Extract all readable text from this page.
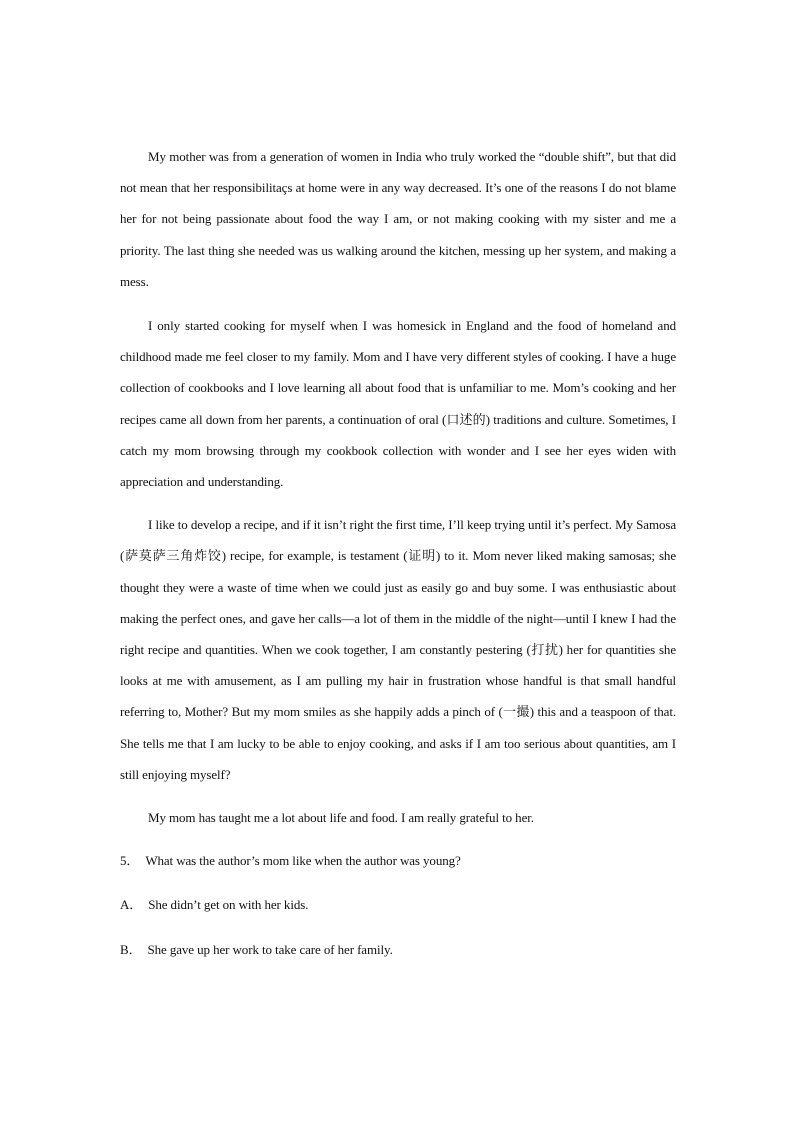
My mother was from a generation of women in India who truly worked the “double shift”, but that did not mean that her responsibilitaçs at home were in any way decreased. It’s one of the reasons I do not blame her for not being passionate about food the way I am, or not making cooking with my sister and me a priority. The last thing she needed was us walking around the kitchen, messing up her system, and making a mess.

I only started cooking for myself when I was homesick in England and the food of homeland and childhood made me feel closer to my family. Mom and I have very different styles of cooking. I have a huge collection of cookbooks and I love learning all about food that is unfamiliar to me. Mom’s cooking and her recipes came all down from her parents, a continuation of oral (口述的) traditions and culture. Sometimes, I catch my mom browsing through my cookbook collection with wonder and I see her eyes widen with appreciation and understanding.

I like to develop a recipe, and if it isn’t right the first time, I’ll keep trying until it’s perfect. My Samosa (萨莫萨三角炸饺) recipe, for example, is testament (证明) to it. Mom never liked making samosas; she thought they were a waste of time when we could just as easily go and buy some. I was enthusiastic about making the perfect ones, and gave her calls—a lot of them in the middle of the night—until I knew I had the right recipe and quantities. When we cook together, I am constantly pestering (打扰) her for quantities she looks at me with amusement, as I am pulling my hair in frustration whose handful is that small handful referring to, Mother? But my mom smiles as she happily adds a pinch of (一撮) this and a teaspoon of that. She tells me that I am lucky to be able to enjoy cooking, and asks if I am too serious about quantities, am I still enjoying myself?

My mom has taught me a lot about life and food. I am really grateful to her.

5． What was the author’s mom like when the author was young?

A． She didn’t get on with her kids.

B． She gave up her work to take care of her family.
